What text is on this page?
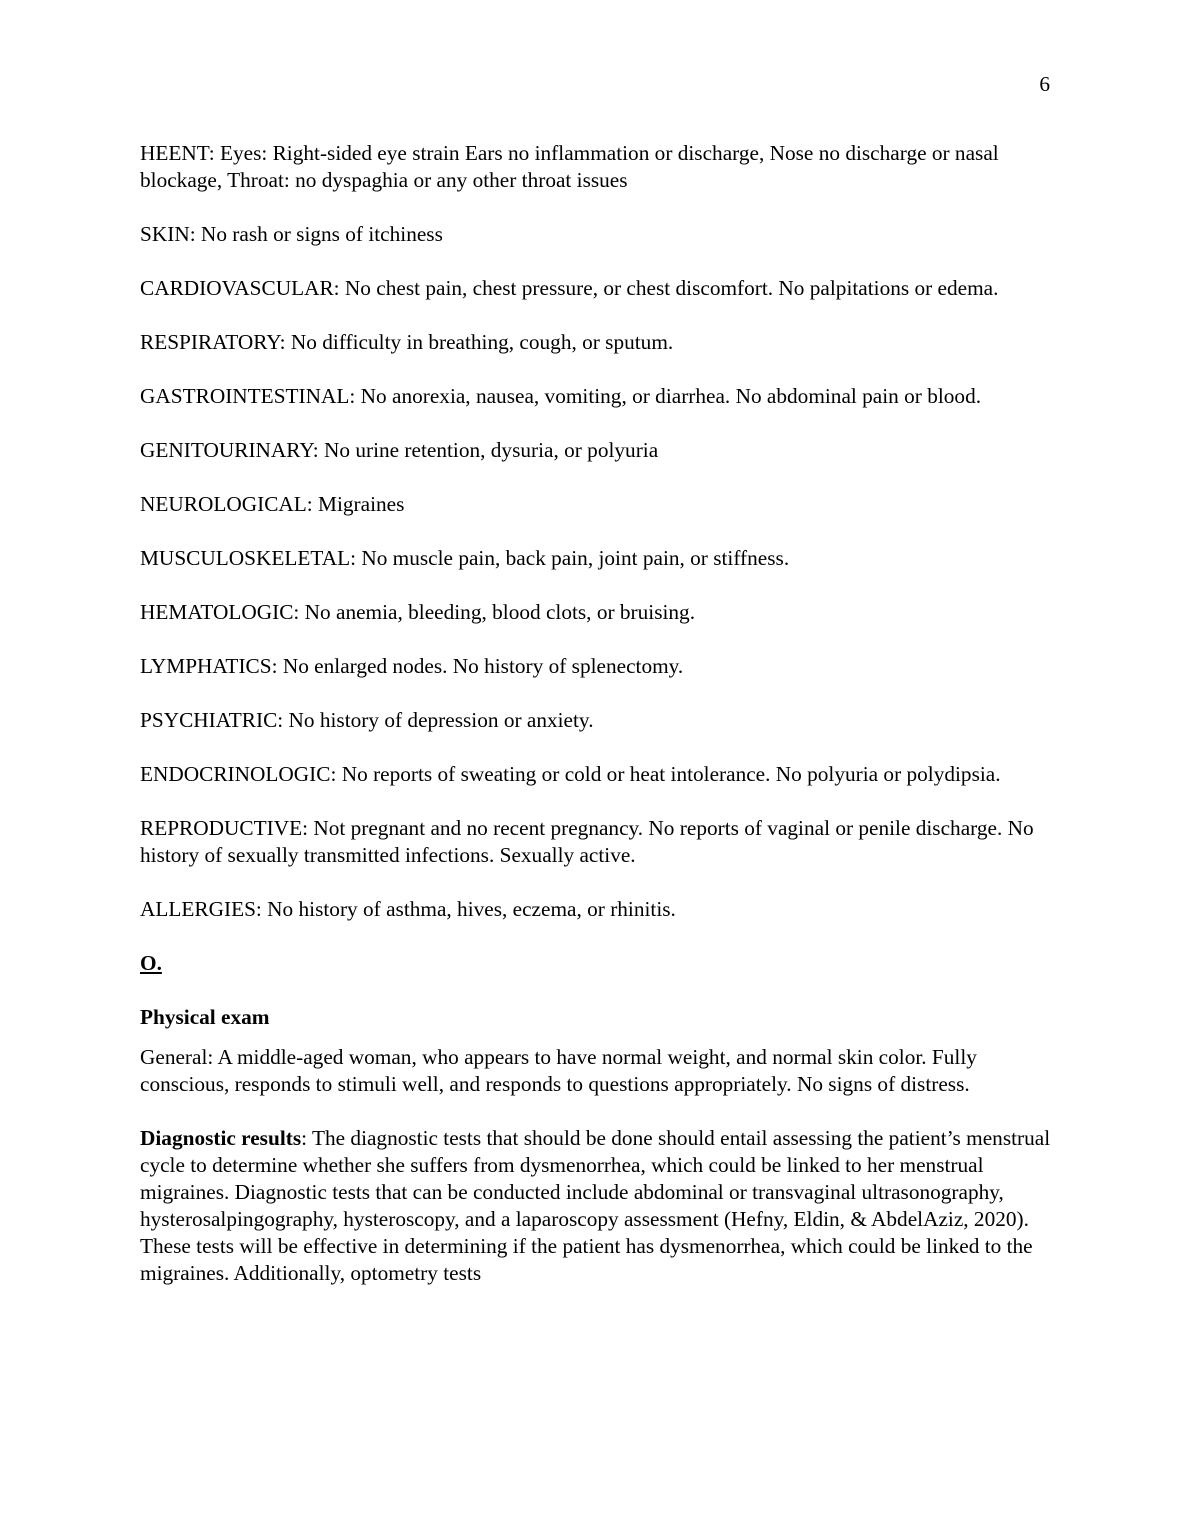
6

HEENT: Eyes: Right-sided eye strain Ears no inflammation or discharge, Nose no discharge or nasal blockage, Throat: no dyspaghia or any other throat issues

SKIN: No rash or signs of itchiness

CARDIOVASCULAR: No chest pain, chest pressure, or chest discomfort. No palpitations or edema.

RESPIRATORY: No difficulty in breathing, cough, or sputum.

GASTROINTESTINAL: No anorexia, nausea, vomiting, or diarrhea. No abdominal pain or blood.

GENITOURINARY: No urine retention, dysuria, or polyuria

NEUROLOGICAL: Migraines

MUSCULOSKELETAL: No muscle pain, back pain, joint pain, or stiffness.

HEMATOLOGIC: No anemia, bleeding, blood clots, or bruising.

LYMPHATICS: No enlarged nodes. No history of splenectomy.

PSYCHIATRIC: No history of depression or anxiety.

ENDOCRINOLOGIC: No reports of sweating or cold or heat intolerance. No polyuria or polydipsia.

REPRODUCTIVE: Not pregnant and no recent pregnancy. No reports of vaginal or penile discharge. No history of sexually transmitted infections. Sexually active.

ALLERGIES: No history of asthma, hives, eczema, or rhinitis.

O.

Physical exam

General: A middle-aged woman, who appears to have normal weight, and normal skin color. Fully conscious, responds to stimuli well, and responds to questions appropriately. No signs of distress.

Diagnostic results: The diagnostic tests that should be done should entail assessing the patient’s menstrual cycle to determine whether she suffers from dysmenorrhea, which could be linked to her menstrual migraines. Diagnostic tests that can be conducted include abdominal or transvaginal ultrasonography, hysterosalpingography, hysteroscopy, and a laparoscopy assessment (Hefny, Eldin, & AbdelAziz, 2020). These tests will be effective in determining if the patient has dysmenorrhea, which could be linked to the migraines. Additionally, optometry tests
